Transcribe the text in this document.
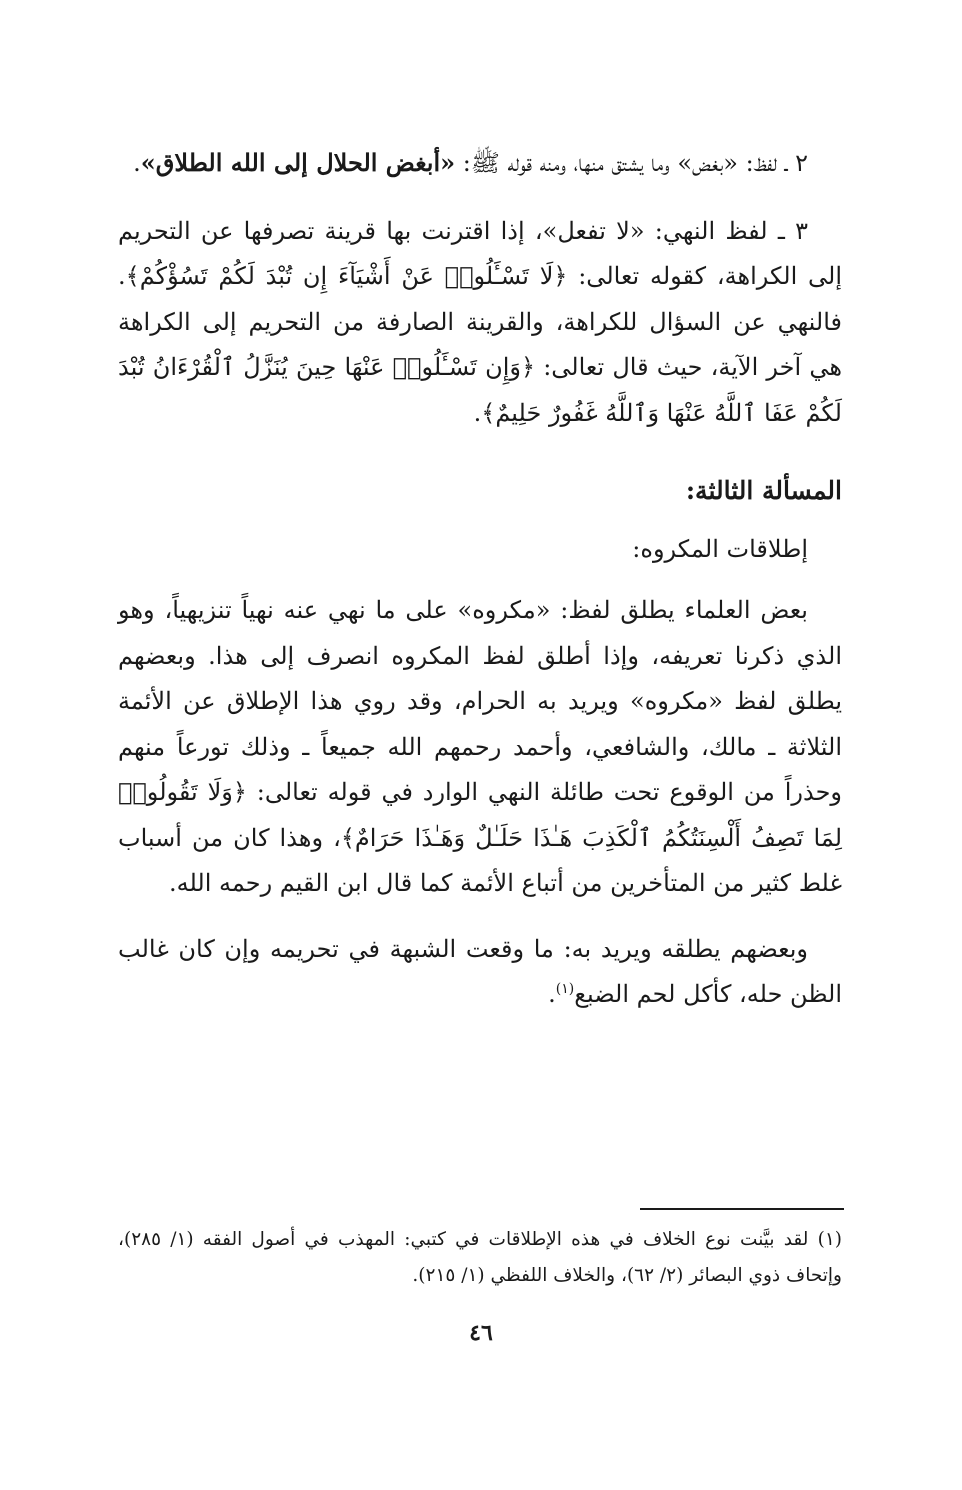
٢ ـ لفظ: «بغض» وما يشتق منها، ومنه قوله ﷺ: «أبغض الحلال إلى الله الطلاق».

٣ ـ لفظ النهي: «لا تفعل»، إذا اقترنت بها قرينة تصرفها عن التحريم إلى الكراهة، كقوله تعالى: ﴿لَا تَسْـَٔلُوا۟ عَنْ أَشْيَآءَ إِن تُبْدَ لَكُمْ تَسُؤْكُمْ﴾. فالنهي عن السؤال للكراهة، والقرينة الصارفة من التحريم إلى الكراهة هي آخر الآية، حيث قال تعالى: ﴿وَإِن تَسْـَٔلُوا۟ عَنْهَا حِينَ يُنَزَّلُ ٱلْقُرْءَانُ تُبْدَ لَكُمْ عَفَا ٱللَّهُ عَنْهَا وَٱللَّهُ غَفُورٌ حَلِيمٌ﴾.

المسألة الثالثة:

إطلاقات المكروه:

بعض العلماء يطلق لفظ: «مكروه» على ما نهي عنه نهياً تنزيهياً، وهو الذي ذكرنا تعريفه، وإذا أطلق لفظ المكروه انصرف إلى هذا. وبعضهم يطلق لفظ «مكروه» ويريد به الحرام، وقد روي هذا الإطلاق عن الأئمة الثلاثة ـ مالك، والشافعي، وأحمد رحمهم الله جميعاً ـ وذلك تورعاً منهم وحذراً من الوقوع تحت طائلة النهي الوارد في قوله تعالى: ﴿وَلَا تَقُولُوا۟ لِمَا تَصِفُ أَلْسِنَتُكُمُ ٱلْكَذِبَ هَـٰذَا حَلَـٰلٌ وَهَـٰذَا حَرَامٌ﴾، وهذا كان من أسباب غلط كثير من المتأخرين من أتباع الأئمة كما قال ابن القيم رحمه الله.

وبعضهم يطلقه ويريد به: ما وقعت الشبهة في تحريمه وإن كان غالب الظن حله، كأكل لحم الضبع$^{(١)}$.

(١) لقد بيَّنت نوع الخلاف في هذه الإطلاقات في كتبي: المهذب في أصول الفقه (١/ ٢٨٥)، وإتحاف ذوي البصائر (٢/ ٦٢)، والخلاف اللفظي (١/ ٢١٥).
٤٦
